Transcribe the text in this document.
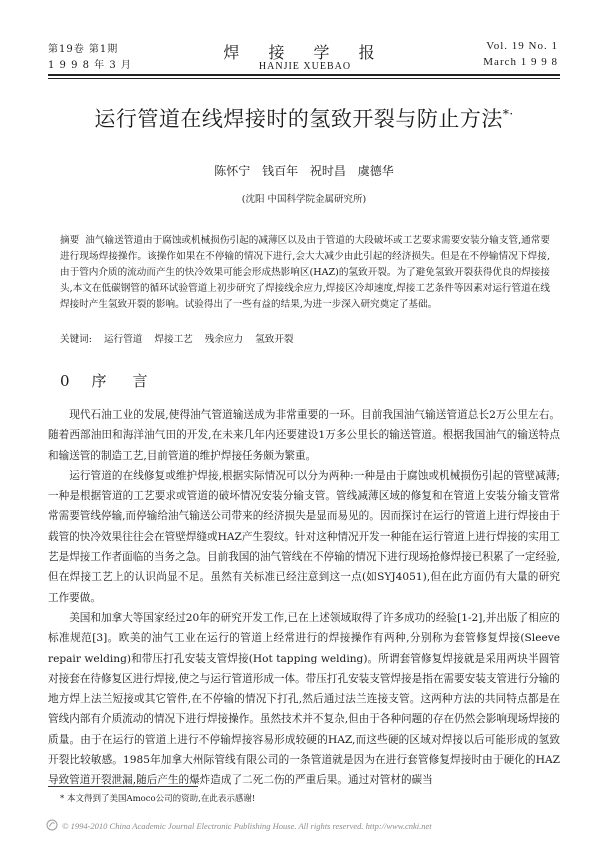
第19卷 第1期
1 9 9 8 年 3 月
焊 接 学 报
HANJIE XUEBAO
Vol. 19 No. 1
March 1 9 9 8
运行管道在线焊接时的氢致开裂与防止方法*·
陈怀宁 钱百年 祝时昌 虞德华
(沈阳 中国科学院金属研究所)
摘要 油气输送管道由于腐蚀或机械损伤引起的减薄区以及由于管道的大段破坏或工艺要求需要安装分输支管,通常要进行现场焊接操作。该操作如果在不停输的情况下进行,会大大减少由此引起的经济损失。但是在不停输情况下焊接,由于管内介质的流动而产生的快冷效果可能会形成热影响区(HAZ)的氢致开裂。为了避免氢致开裂获得优良的焊接接头,本文在低碳钢管的循环试验管道上初步研究了焊接线余应力,焊接区冷却速度,焊接工艺条件等因素对运行管道在线焊接时产生氢致开裂的影响。试验得出了一些有益的结果,为进一步深入研究奠定了基础。
关键词: 运行管道 焊接工艺 残余应力 氢致开裂
0 序言

现代石油工业的发展,使得油气管道输送成为非常重要的一环。目前我国油气输送管道总长2万公里左右。随着西部油田和海洋油气田的开发,在未来几年内还要建设1万多公里长的输送管道。根据我国油气的输送特点和输送管的制造工艺,目前管道的维护焊接任务颇为繁重。

运行管道的在线修复或维护焊接,根据实际情况可以分为两种:一种是由于腐蚀或机械损伤引起的管壁减薄;一种是根据管道的工艺要求或管道的破坏情况安装分输支管。管线减薄区域的修复和在管道上安装分输支管常常需要管线停输,而停输给油气输送公司带来的经济损失是显而易见的。因而探讨在运行的管道上进行焊接由于载管的快冷效果往往会在管壁焊缝或HAZ产生裂纹。针对这种情况开发一种能在运行管道上进行焊接的实用工艺是焊接工作者面临的当务之急。目前我国的油气管线在不停输的情况下进行现场抢修焊接已积累了一定经验,但在焊接工艺上的认识尚显不足。虽然有关标准已经注意到这一点(如SYJ4051),但在此方面仍有大量的研究工作要做。

美国和加拿大等国家经过20年的研究开发工作,已在上述领域取得了许多成功的经验[1-2],并出版了相应的标准规范[3]。欧美的油气工业在运行的管道上经常进行的焊接操作有两种,分别称为套管修复焊接(Sleeve repair welding)和带压打孔安装支管焊接(Hot tapping welding)。所谓套管修复焊接就是采用两块半圆管对接套在待修复区进行焊接,使之与运行管道形成一体。带压打孔安装支管焊接是指在需要安装支管进行分输的地方焊上法兰短接或其它管件,在不停输的情况下打孔,然后通过法兰连接支管。这两种方法的共同特点都是在管线内部有介质流动的情况下进行焊接操作。虽然技术并不复杂,但由于各种问题的存在仍然会影响现场焊接的质量。由于在运行的管道上进行不停输焊接容易形成较硬的HAZ,而这些硬的区域对焊接以后可能形成的氢致开裂比较敏感。1985年加拿大州际管线有限公司的一条管道就是因为在进行套管修复焊接时由于硬化的HAZ导致管道开裂泄漏,随后产生的爆炸造成了二死二伤的严重后果。通过对管材的碳当

* 本文得到了美国Amoco公司的资助,在此表示感谢!
© 1994-2010 China Academic Journal Electronic Publishing House. All rights reserved. http://www.cnki.net
